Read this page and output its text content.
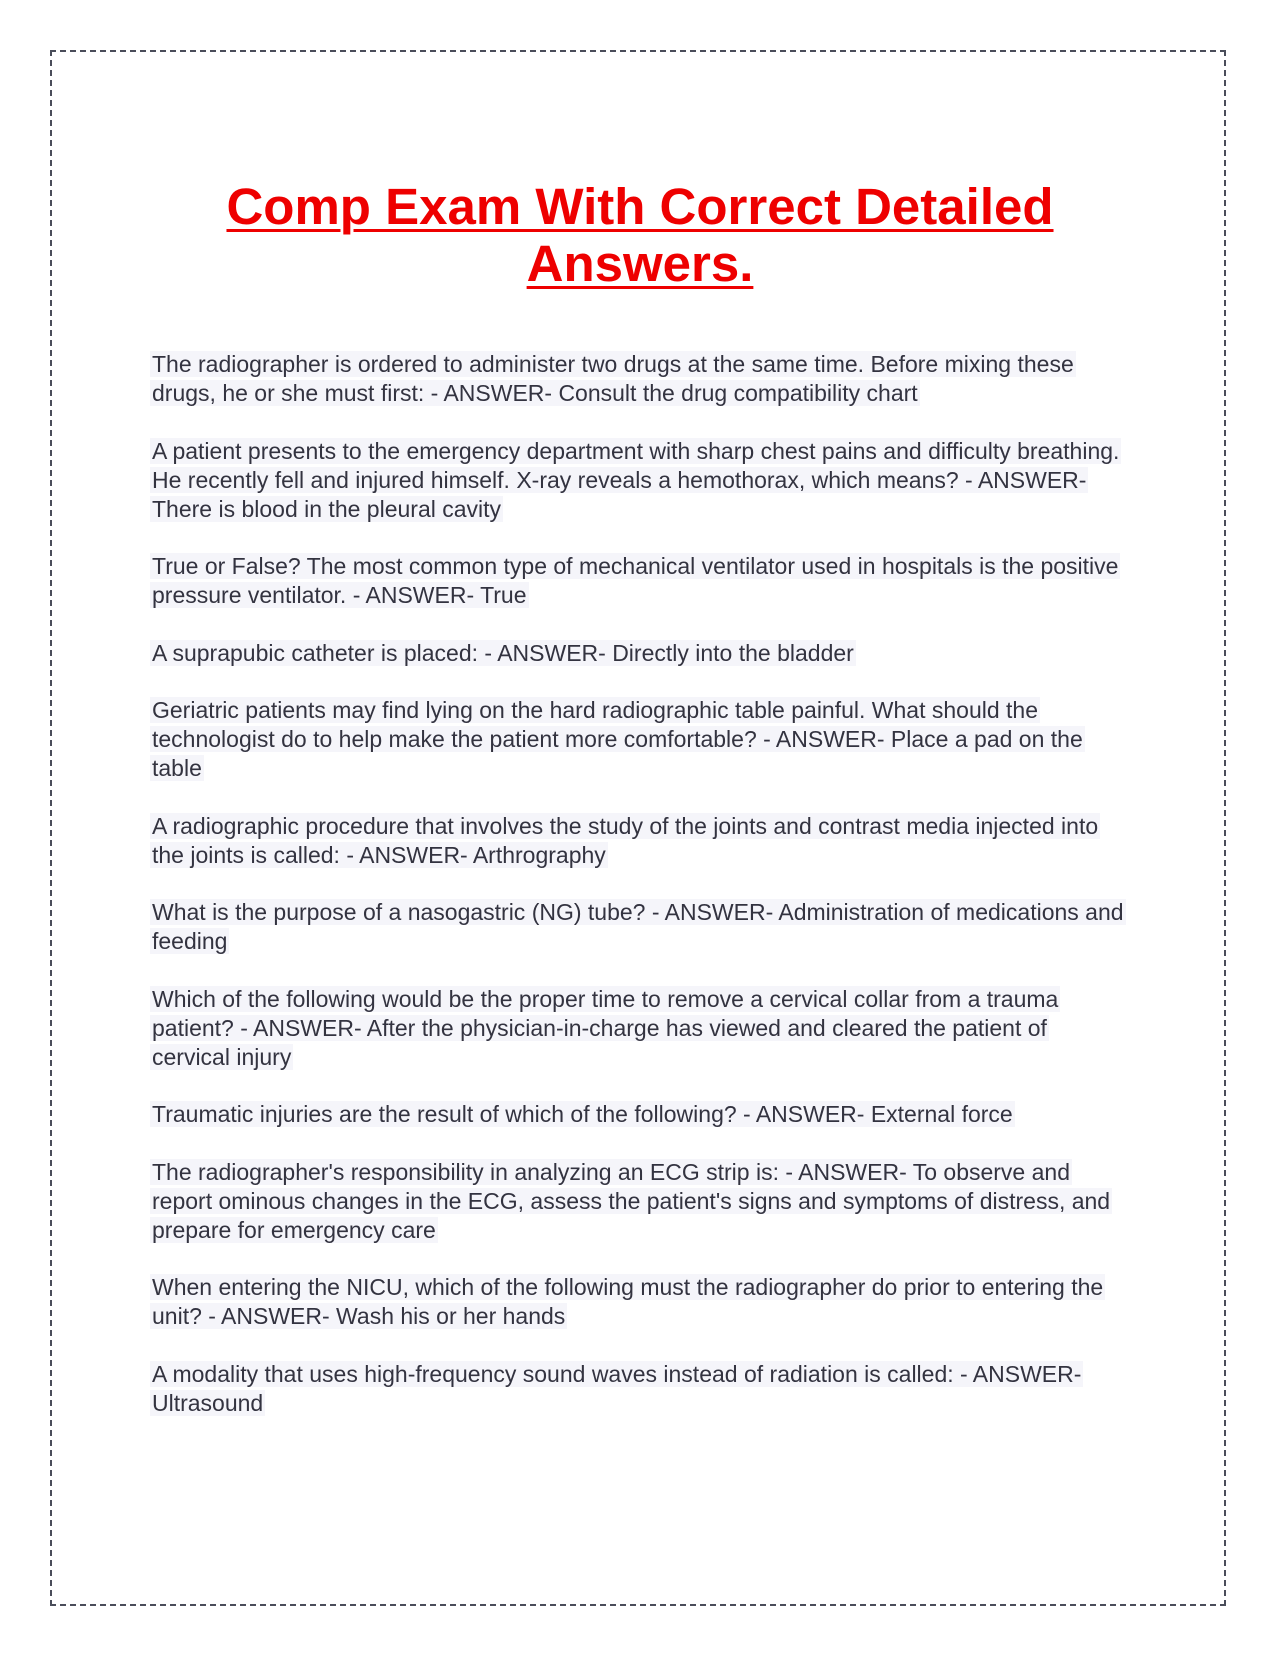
Comp Exam With Correct Detailed Answers.
The radiographer is ordered to administer two drugs at the same time. Before mixing these drugs, he or she must first: - ANSWER- Consult the drug compatibility chart
A patient presents to the emergency department with sharp chest pains and difficulty breathing. He recently fell and injured himself. X-ray reveals a hemothorax, which means? - ANSWER- There is blood in the pleural cavity
True or False? The most common type of mechanical ventilator used in hospitals is the positive pressure ventilator. - ANSWER- True
A suprapubic catheter is placed: - ANSWER- Directly into the bladder
Geriatric patients may find lying on the hard radiographic table painful. What should the technologist do to help make the patient more comfortable? - ANSWER- Place a pad on the table
A radiographic procedure that involves the study of the joints and contrast media injected into the joints is called: - ANSWER- Arthrography
What is the purpose of a nasogastric (NG) tube? - ANSWER- Administration of medications and feeding
Which of the following would be the proper time to remove a cervical collar from a trauma patient? - ANSWER- After the physician-in-charge has viewed and cleared the patient of cervical injury
Traumatic injuries are the result of which of the following? - ANSWER- External force
The radiographer's responsibility in analyzing an ECG strip is: - ANSWER- To observe and report ominous changes in the ECG, assess the patient's signs and symptoms of distress, and prepare for emergency care
When entering the NICU, which of the following must the radiographer do prior to entering the unit? - ANSWER- Wash his or her hands
A modality that uses high-frequency sound waves instead of radiation is called: - ANSWER- Ultrasound
